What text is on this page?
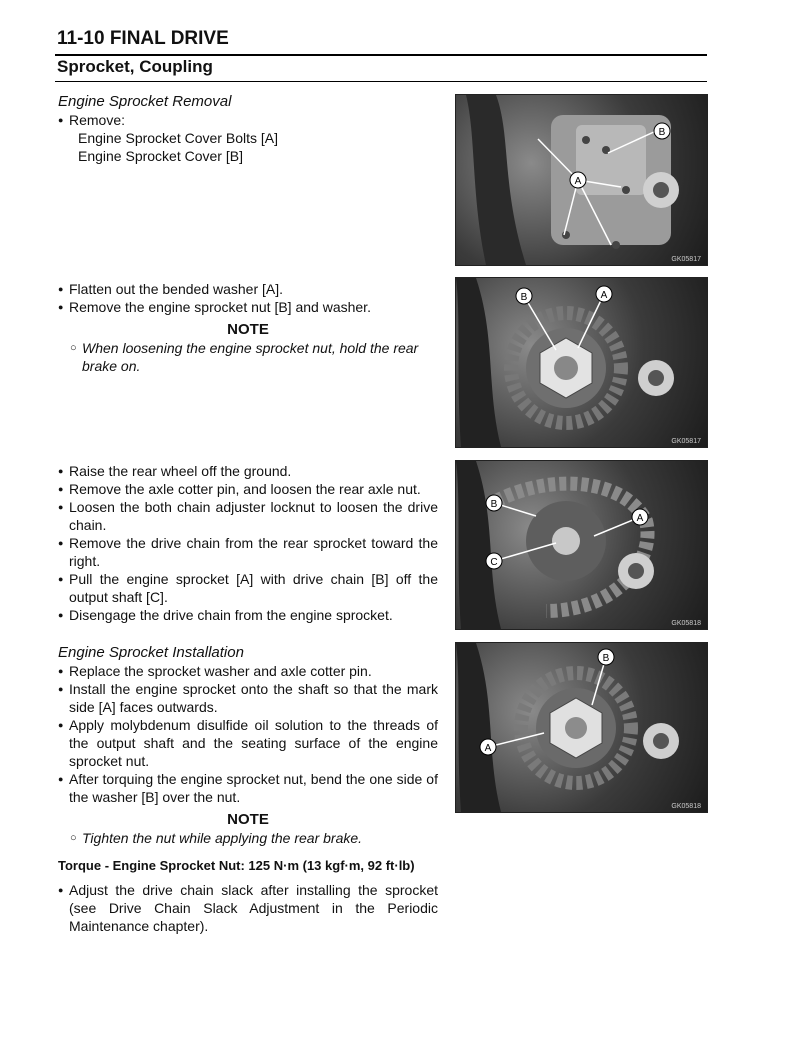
11-10 FINAL DRIVE
Sprocket, Coupling
Engine Sprocket Removal
● Remove:
Engine Sprocket Cover Bolts [A]
Engine Sprocket Cover [B]
● Flatten out the bended washer [A].
● Remove the engine sprocket nut [B] and washer.
NOTE
○ When loosening the engine sprocket nut, hold the rear brake on.
● Raise the rear wheel off the ground.
● Remove the axle cotter pin, and loosen the rear axle nut.
● Loosen the both chain adjuster locknut to loosen the drive chain.
● Remove the drive chain from the rear sprocket toward the right.
● Pull the engine sprocket [A] with drive chain [B] off the output shaft [C].
● Disengage the drive chain from the engine sprocket.
Engine Sprocket Installation
● Replace the sprocket washer and axle cotter pin.
● Install the engine sprocket onto the shaft so that the mark side [A] faces outwards.
● Apply molybdenum disulfide oil solution to the threads of the output shaft and the seating surface of the engine sprocket nut.
● After torquing the engine sprocket nut, bend the one side of the washer [B] over the nut.
NOTE
○ Tighten the nut while applying the rear brake.
Torque - Engine Sprocket Nut: 125 N·m (13 kgf·m, 92 ft·lb)
● Adjust the drive chain slack after installing the sprocket (see Drive Chain Slack Adjustment in the Periodic Maintenance chapter).
A
B
GK05817
B	A
GK05817
B
A
C
GK05818
B
A
GK05818
